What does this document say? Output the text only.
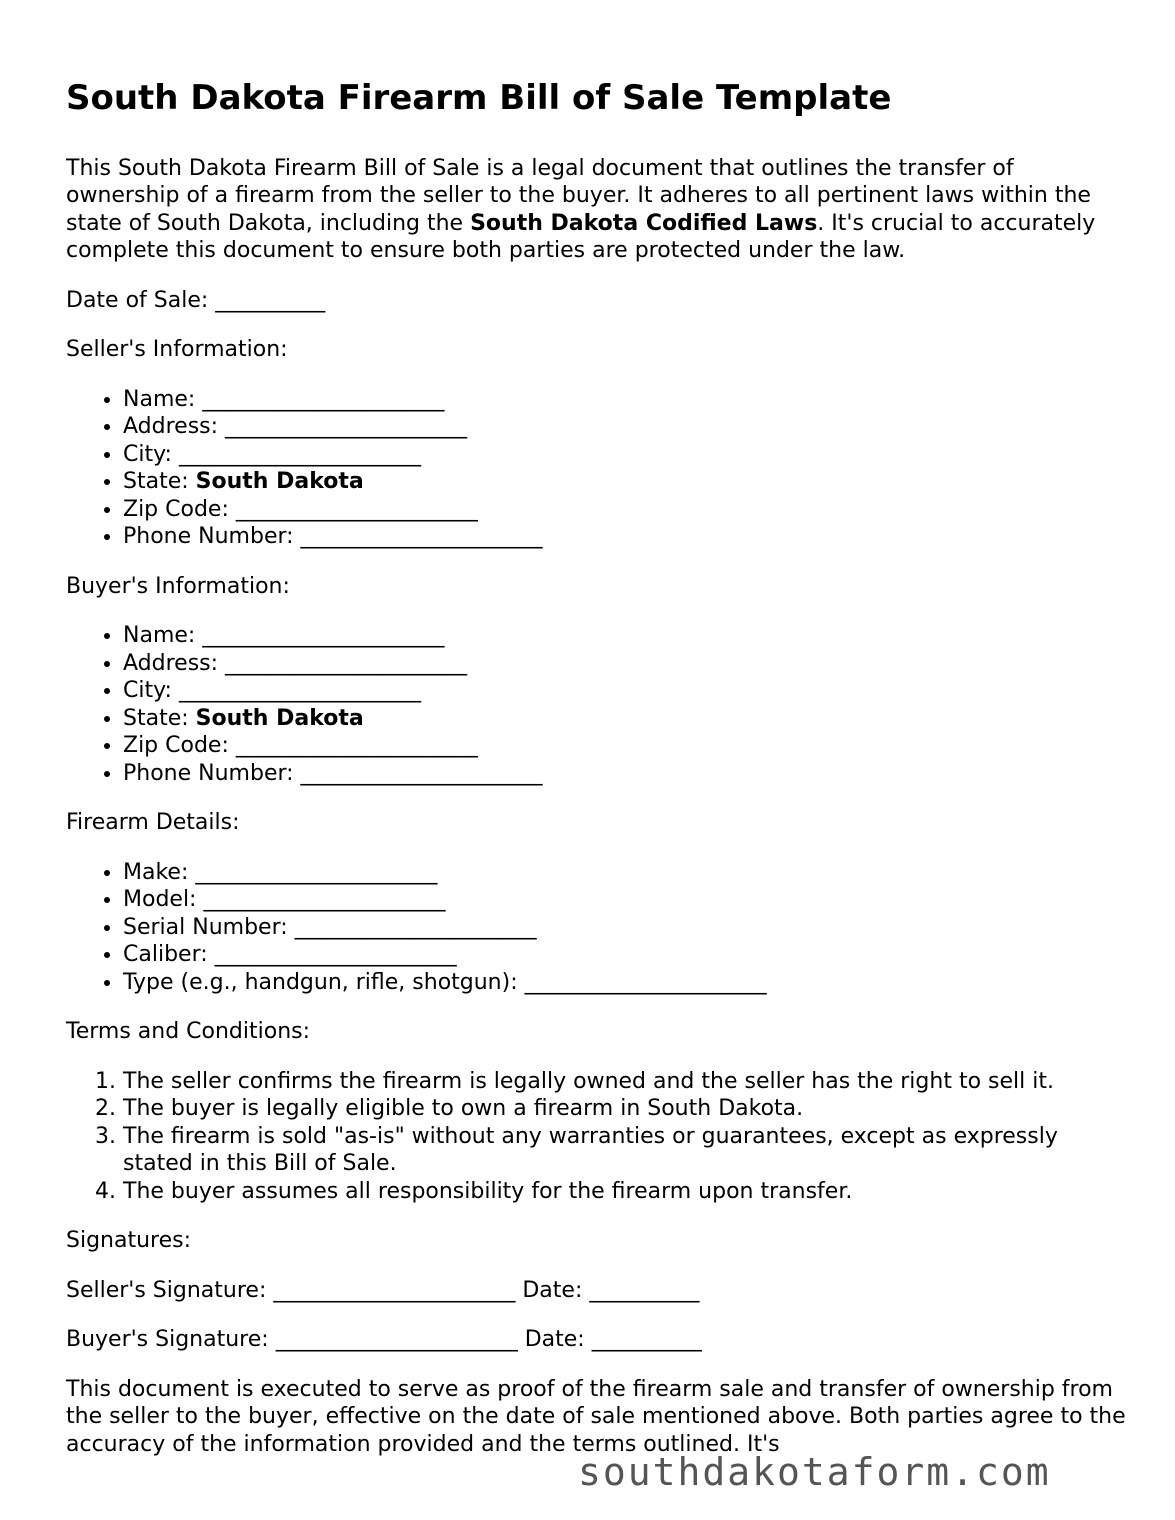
South Dakota Firearm Bill of Sale Template

This South Dakota Firearm Bill of Sale is a legal document that outlines the transfer of ownership of a firearm from the seller to the buyer. It adheres to all pertinent laws within the state of South Dakota, including the South Dakota Codified Laws. It's crucial to accurately complete this document to ensure both parties are protected under the law.

Date of Sale: __________

Seller's Information:

• Name: ______________________
• Address: ______________________
• City: ______________________
• State: South Dakota
• Zip Code: ______________________
• Phone Number: ______________________

Buyer's Information:

• Name: ______________________
• Address: ______________________
• City: ______________________
• State: South Dakota
• Zip Code: ______________________
• Phone Number: ______________________

Firearm Details:

• Make: ______________________
• Model: ______________________
• Serial Number: ______________________
• Caliber: ______________________
• Type (e.g., handgun, rifle, shotgun): ______________________

Terms and Conditions:

1. The seller confirms the firearm is legally owned and the seller has the right to sell it.
2. The buyer is legally eligible to own a firearm in South Dakota.
3. The firearm is sold "as-is" without any warranties or guarantees, except as expressly stated in this Bill of Sale.
4. The buyer assumes all responsibility for the firearm upon transfer.

Signatures:

Seller's Signature: ______________________ Date: __________

Buyer's Signature: ______________________ Date: __________

This document is executed to serve as proof of the firearm sale and transfer of ownership from the seller to the buyer, effective on the date of sale mentioned above. Both parties agree to the accuracy of the information provided and the terms outlined. It's

southdakotaform.com
